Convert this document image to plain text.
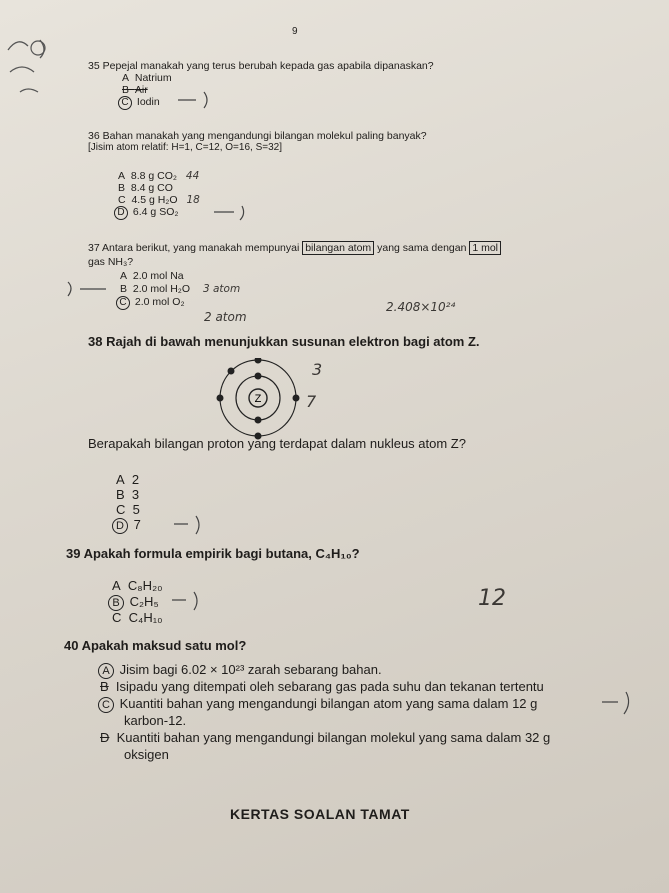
9
35 Pepejal manakah yang terus berubah kepada gas apabila dipanaskan?
A Natrium
B Air
C Iodin
36 Bahan manakah yang mengandungi bilangan molekul paling banyak?
[Jisim atom relatif: H=1, C=12, O=16, S=32]
A 8.8 g CO₂ 44
B 8.4 g CO
C 4.5 g H₂O 18
D 6.4 g SO₂
37 Antara berikut, yang manakah mempunyai bilangan atom yang sama dengan 1 mol
gas NH₃?
A 2.0 mol Na
B 2.0 mol H₂O 3 atom
C 2.0 mol O₂
2 atom
2.408×10²⁴
38 Rajah di bawah menunjukkan susunan elektron bagi atom Z.
Z
3
7
Berapakah bilangan proton yang terdapat dalam nukleus atom Z?
A 2
B 3
C 5
D 7
39 Apakah formula empirik bagi butana, C₄H₁₀?
A C₈H₂₀
B C₂H₅
C C₄H₁₀
12
40 Apakah maksud satu mol?
A Jisim bagi 6.02 × 10²³ zarah sebarang bahan.
B Isipadu yang ditempati oleh sebarang gas pada suhu dan tekanan tertentu
C Kuantiti bahan yang mengandungi bilangan atom yang sama dalam 12 g
karbon-12.
D Kuantiti bahan yang mengandungi bilangan molekul yang sama dalam 32 g
oksigen
KERTAS SOALAN TAMAT
